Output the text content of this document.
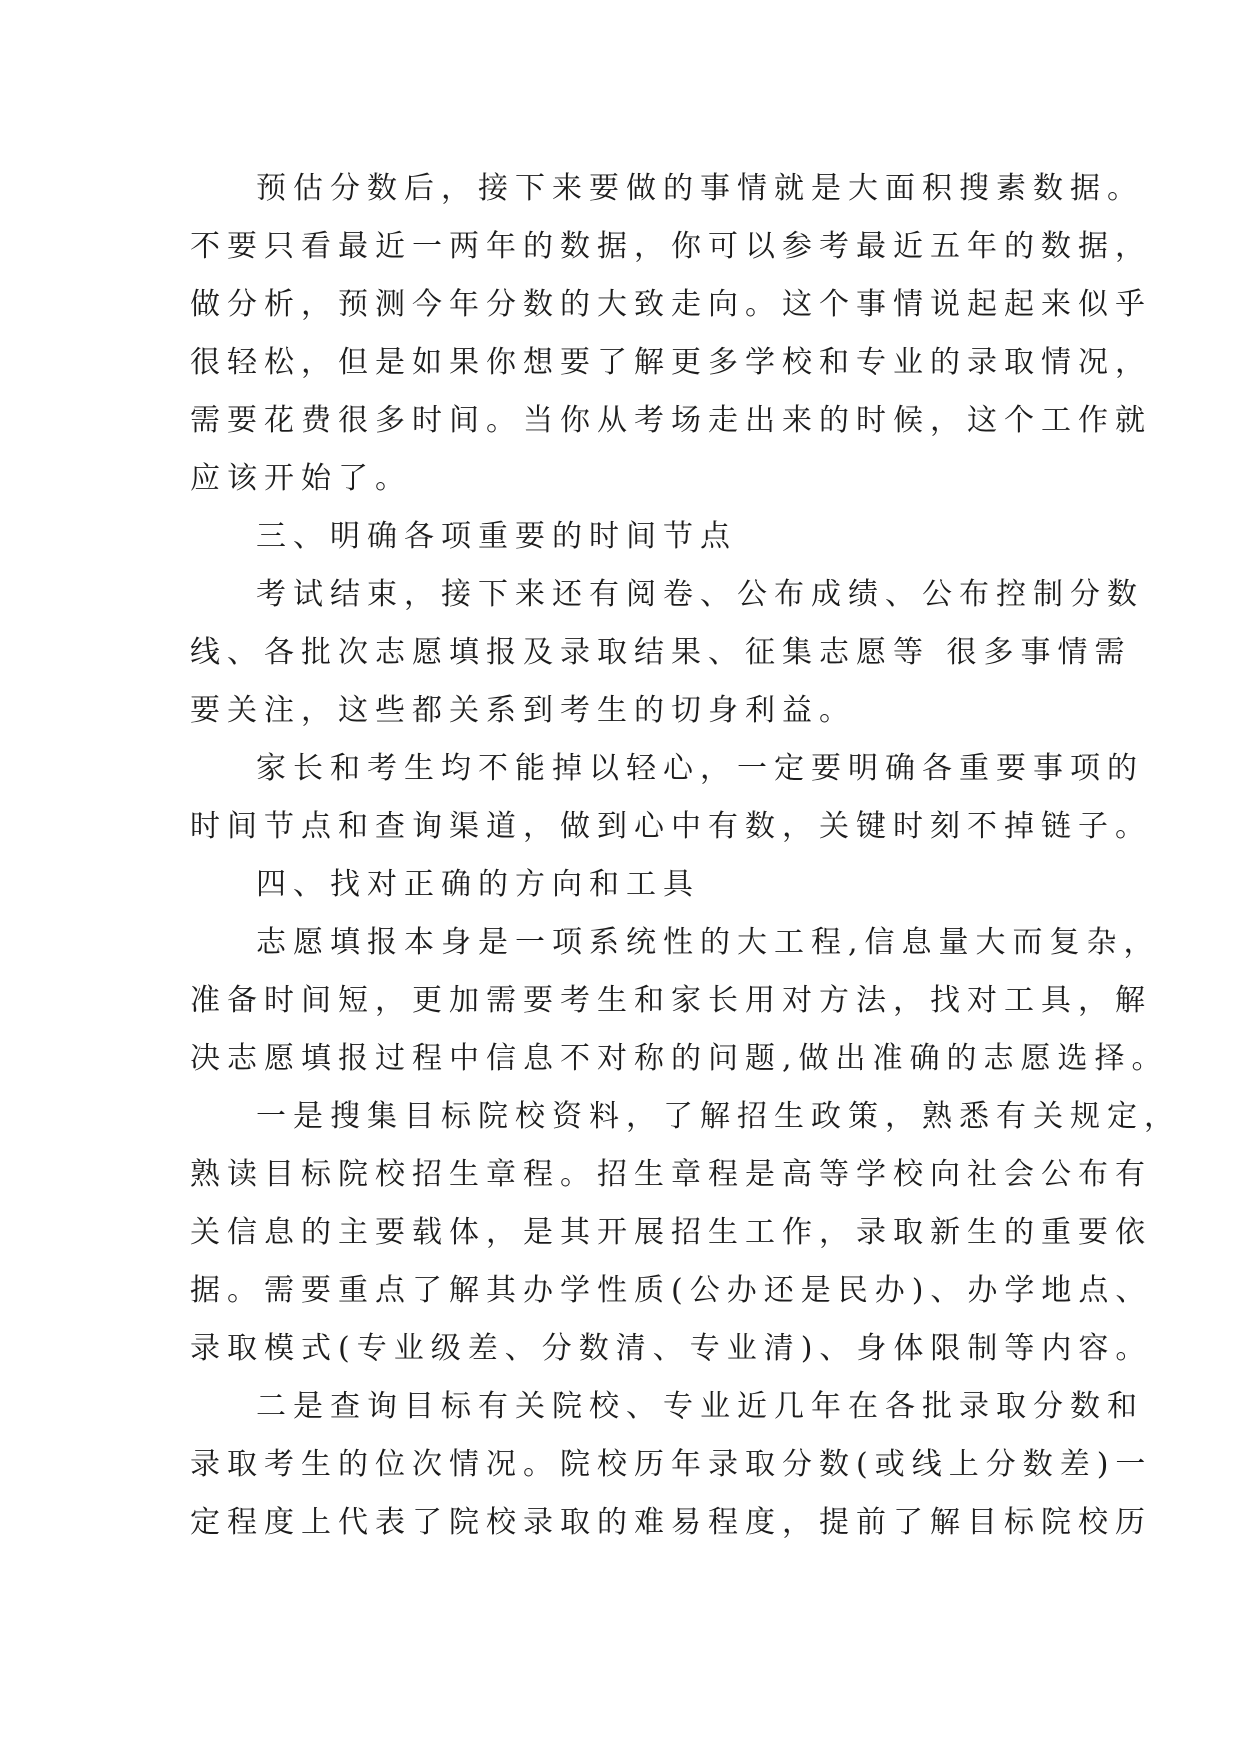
预估分数后，接下来要做的事情就是大面积搜素数据。
不要只看最近一两年的数据，你可以参考最近五年的数据，
做分析，预测今年分数的大致走向。这个事情说起起来似乎
很轻松，但是如果你想要了解更多学校和专业的录取情况，
需要花费很多时间。当你从考场走出来的时候，这个工作就
应该开始了。
三、明确各项重要的时间节点
考试结束，接下来还有阅卷、公布成绩、公布控制分数
线、各批次志愿填报及录取结果、征集志愿等 很多事情需
要关注，这些都关系到考生的切身利益。
家长和考生均不能掉以轻心，一定要明确各重要事项的
时间节点和查询渠道，做到心中有数，关键时刻不掉链子。
四、找对正确的方向和工具
志愿填报本身是一项系统性的大工程,信息量大而复杂，
准备时间短，更加需要考生和家长用对方法，找对工具，解
决志愿填报过程中信息不对称的问题,做出准确的志愿选择。
一是搜集目标院校资料，了解招生政策，熟悉有关规定，
熟读目标院校招生章程。招生章程是高等学校向社会公布有
关信息的主要载体，是其开展招生工作，录取新生的重要依
据。需要重点了解其办学性质(公办还是民办)、办学地点、
录取模式(专业级差、分数清、专业清)、身体限制等内容。
二是查询目标有关院校、专业近几年在各批录取分数和
录取考生的位次情况。院校历年录取分数(或线上分数差)一
定程度上代表了院校录取的难易程度，提前了解目标院校历
